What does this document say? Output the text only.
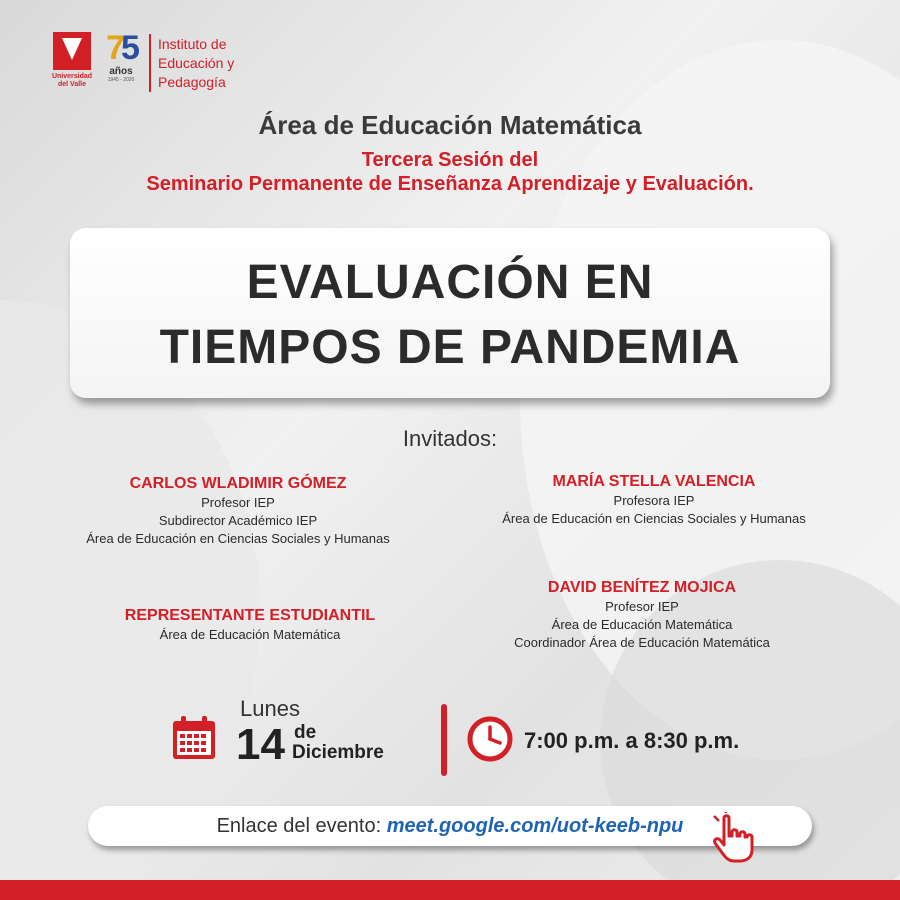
Universidad del Valle
75
años
1945 - 2020
Instituto de
Educación y
Pedagogía
Área de Educación Matemática
Tercera Sesión del
Seminario Permanente de Enseñanza Aprendizaje y Evaluación.
EVALUACIÓN EN
TIEMPOS DE PANDEMIA
Invitados:
CARLOS WLADIMIR GÓMEZ
Profesor IEP
Subdirector Académico IEP
Área de Educación en Ciencias Sociales y Humanas
MARÍA STELLA VALENCIA
Profesora IEP
Área de Educación en Ciencias Sociales y Humanas
REPRESENTANTE ESTUDIANTIL
Área de Educación Matemática
DAVID BENÍTEZ MOJICA
Profesor IEP
Área de Educación Matemática
Coordinador Área de Educación Matemática
Lunes
14 de
Diciembre	7:00 p.m. a 8:30 p.m.
Enlace del evento: meet.google.com/uot-keeb-npu
